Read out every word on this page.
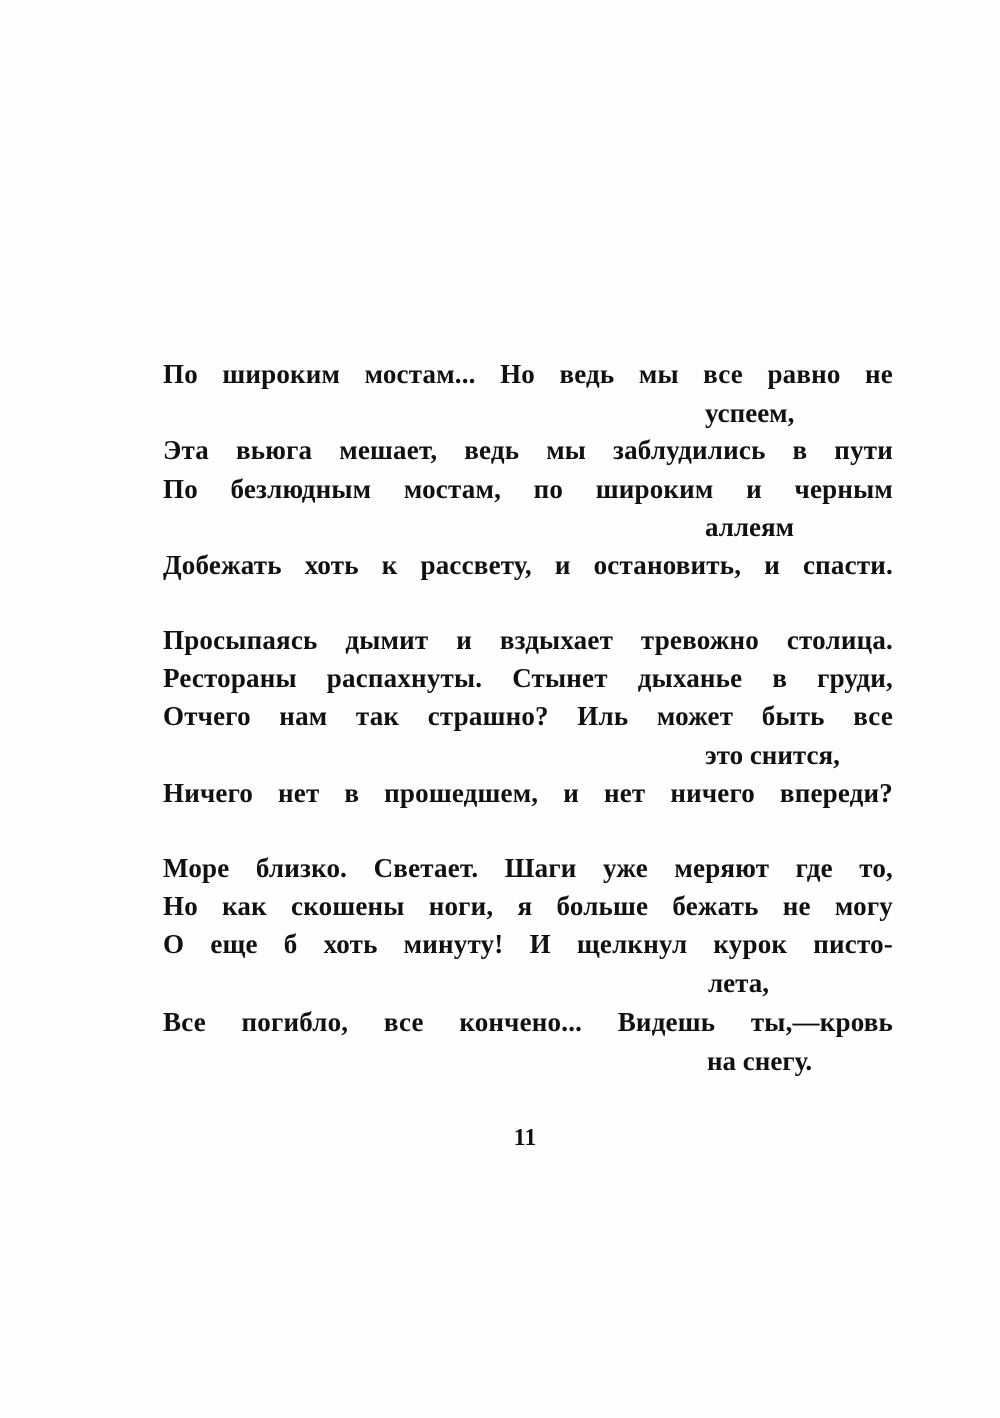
По широким мостам... Но ведь мы все равно не
успеем,
Эта вьюга мешает, ведь мы заблудились в пути
По безлюдным мостам, по широким и черным
аллеям
Добежать хоть к рассвету, и остановить, и спасти.
Просыпаясь дымит и вздыхает тревожно столица.
Рестораны распахнуты. Стынет дыханье в груди,
Отчего нам так страшно? Иль может быть все
это снится,
Ничего нет в прошедшем, и нет ничего впереди?
Море близко. Светает. Шаги уже меряют где то,
Но как скошены ноги, я больше бежать не могу
О еще б хоть минуту! И щелкнул курок писто-
лета,
Все погибло, все кончено... Видешь ты,—кровь
на снегу.
11
